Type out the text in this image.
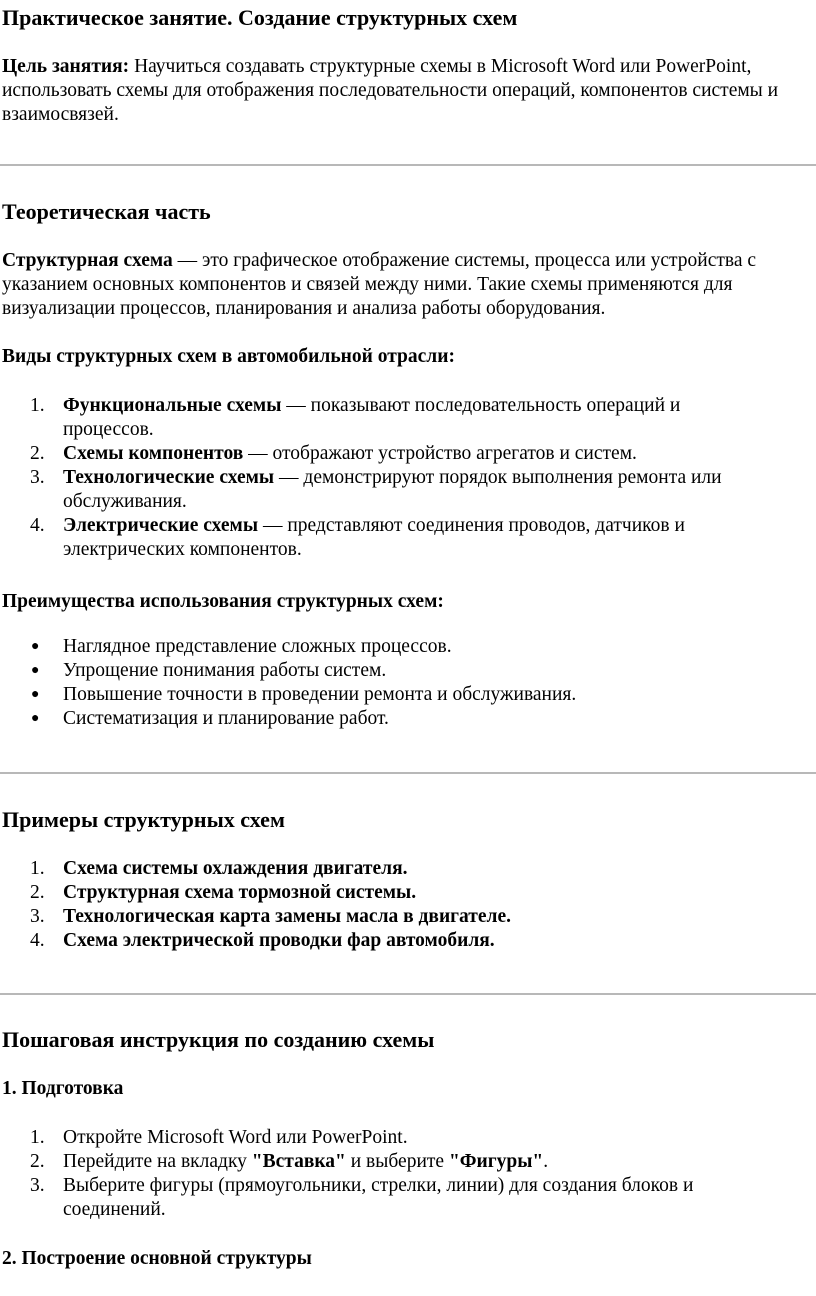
Практическое занятие. Создание структурных схем

Цель занятия: Научиться создавать структурные схемы в Microsoft Word или PowerPoint, использовать схемы для отображения последовательности операций, компонентов системы и взаимосвязей.

Теоретическая часть

Структурная схема — это графическое отображение системы, процесса или устройства с указанием основных компонентов и связей между ними. Такие схемы применяются для визуализации процессов, планирования и анализа работы оборудования.

Виды структурных схем в автомобильной отрасли:

1. Функциональные схемы — показывают последовательность операций и процессов.
2. Схемы компонентов — отображают устройство агрегатов и систем.
3. Технологические схемы — демонстрируют порядок выполнения ремонта или обслуживания.
4. Электрические схемы — представляют соединения проводов, датчиков и электрических компонентов.

Преимущества использования структурных схем:

● Наглядное представление сложных процессов.
● Упрощение понимания работы систем.
● Повышение точности в проведении ремонта и обслуживания.
● Систематизация и планирование работ.
Примеры структурных схем
1. Схема системы охлаждения двигателя.
2. Структурная схема тормозной системы.
3. Технологическая карта замены масла в двигателе.
4. Схема электрической проводки фар автомобиля.
Пошаговая инструкция по созданию схемы

1. Подготовка

1. Откройте Microsoft Word или PowerPoint.
2. Перейдите на вкладку "Вставка" и выберите "Фигуры".
3. Выберите фигуры (прямоугольники, стрелки, линии) для создания блоков и соединений.

2. Построение основной структуры
